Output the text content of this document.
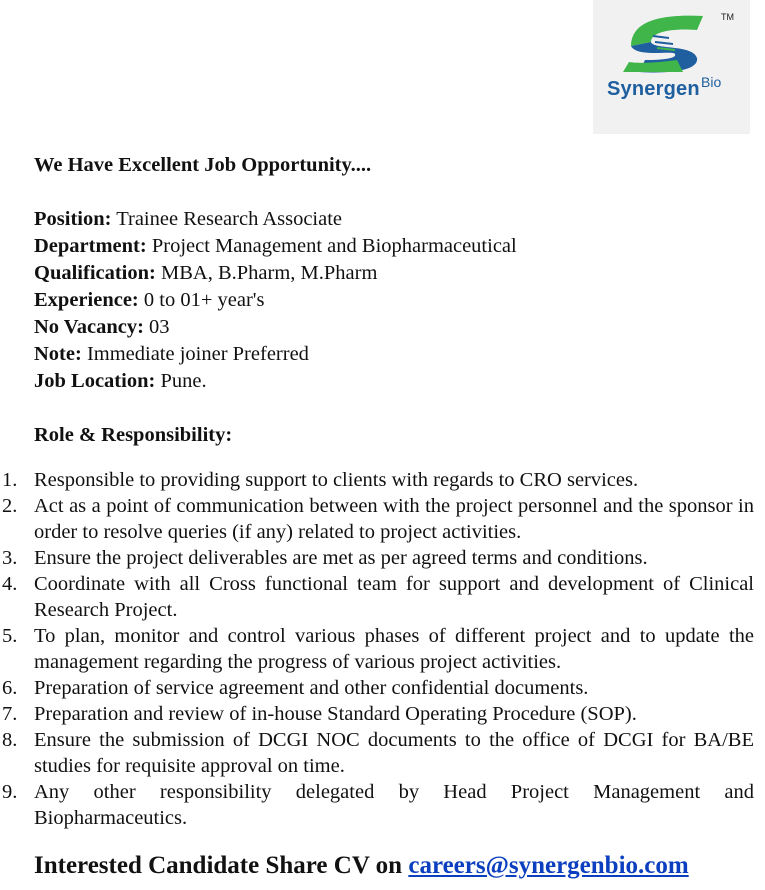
TM
Synergen Bio

We Have Excellent Job Opportunity....

Position: Trainee Research Associate
Department: Project Management and Biopharmaceutical
Qualification: MBA, B.Pharm, M.Pharm
Experience: 0 to 01+ year's
No Vacancy: 03
Note: Immediate joiner Preferred
Job Location: Pune.
Role & Responsibility:
1. Responsible to providing support to clients with regards to CRO services.
2. Act as a point of communication between with the project personnel and the sponsor in order to resolve queries (if any) related to project activities.
3. Ensure the project deliverables are met as per agreed terms and conditions.
4. Coordinate with all Cross functional team for support and development of Clinical Research Project.
5. To plan, monitor and control various phases of different project and to update the management regarding the progress of various project activities.
6. Preparation of service agreement and other confidential documents.
7. Preparation and review of in-house Standard Operating Procedure (SOP).
8. Ensure the submission of DCGI NOC documents to the office of DCGI for BA/BE studies for requisite approval on time.
9. Any other responsibility delegated by Head Project Management and Biopharmaceutics.
Interested Candidate Share CV on careers@synergenbio.com
